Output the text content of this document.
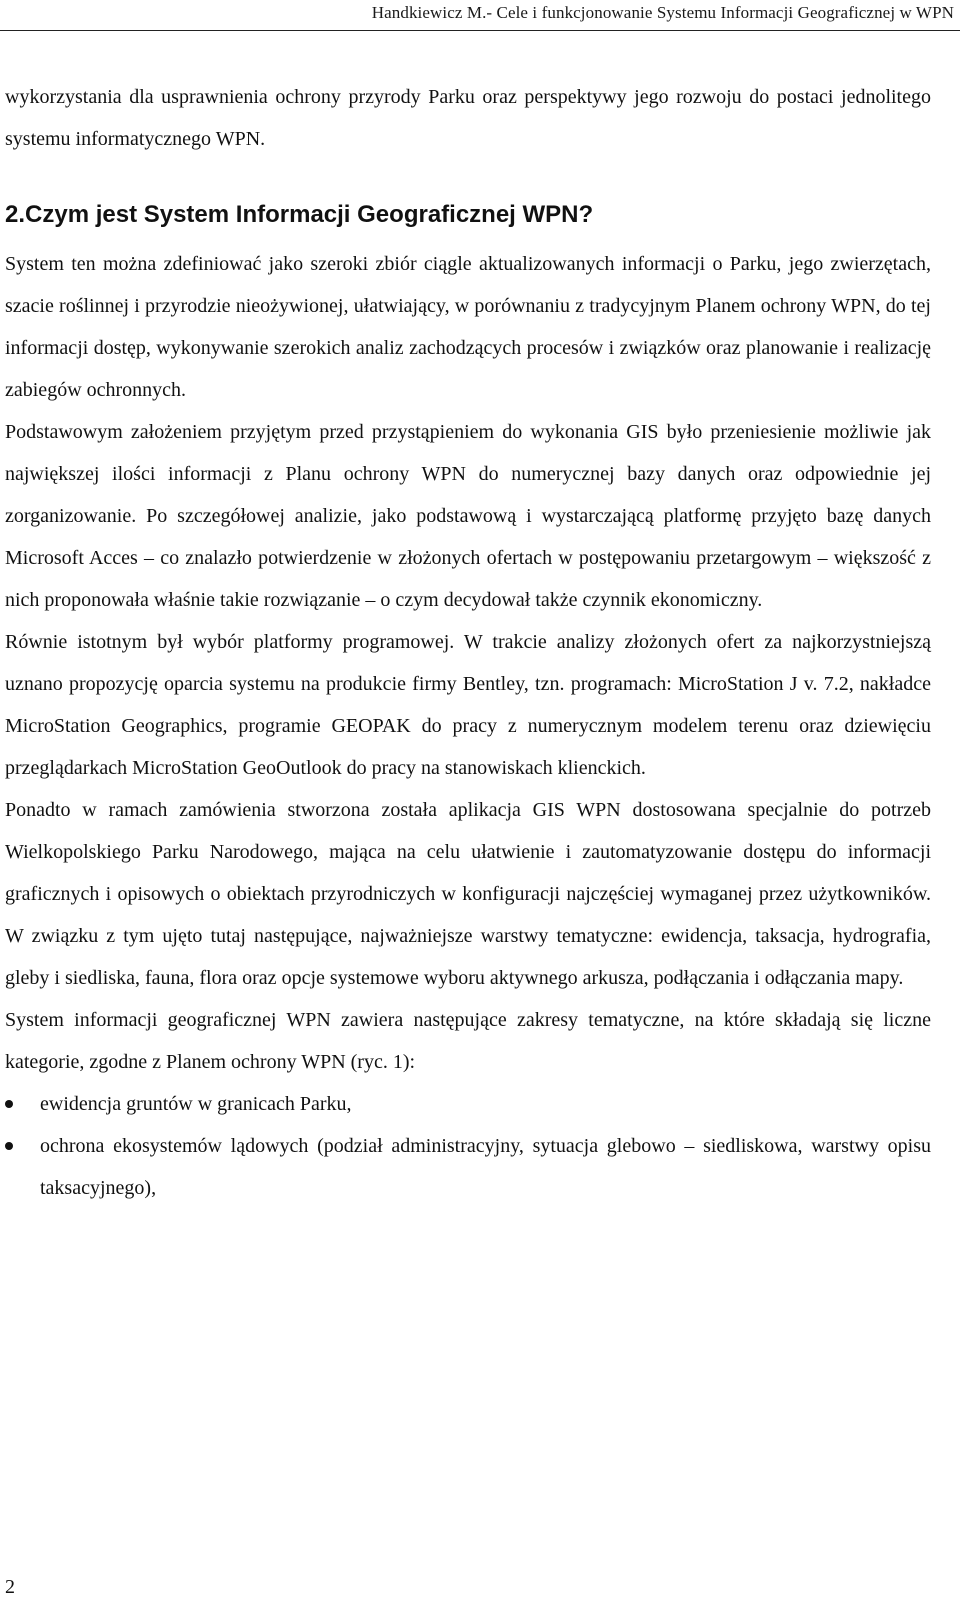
Handkiewicz M.- Cele i funkcjonowanie Systemu Informacji Geograficznej w WPN

wykorzystania dla usprawnienia ochrony przyrody Parku oraz perspektywy jego rozwoju do postaci jednolitego systemu informatycznego WPN.

2.Czym jest System Informacji Geograficznej WPN?

System ten można zdefiniować jako szeroki zbiór ciągle aktualizowanych informacji o Parku, jego zwierzętach, szacie roślinnej i przyrodzie nieożywionej, ułatwiający, w porównaniu z tradycyjnym Planem ochrony WPN, do tej informacji dostęp, wykonywanie szerokich analiz zachodzących procesów i związków oraz planowanie i realizację zabiegów ochronnych.

Podstawowym założeniem przyjętym przed przystąpieniem do wykonania GIS było przeniesienie możliwie jak największej ilości informacji z Planu ochrony WPN do numerycznej bazy danych oraz odpowiednie jej zorganizowanie. Po szczegółowej analizie, jako podstawową i wystarczającą platformę przyjęto bazę danych Microsoft Acces – co znalazło potwierdzenie w złożonych ofertach w postępowaniu przetargowym – większość z nich proponowała właśnie takie rozwiązanie – o czym decydował także czynnik ekonomiczny.

Równie istotnym był wybór platformy programowej. W trakcie analizy złożonych ofert za najkorzystniejszą uznano propozycję oparcia systemu na produkcie firmy Bentley, tzn. programach: MicroStation J v. 7.2, nakładce MicroStation Geographics, programie GEOPAK do pracy z numerycznym modelem terenu oraz dziewięciu przeglądarkach MicroStation GeoOutlook do pracy na stanowiskach klienckich.

Ponadto w ramach zamówienia stworzona została aplikacja GIS WPN dostosowana specjalnie do potrzeb Wielkopolskiego Parku Narodowego, mająca na celu ułatwienie i zautomatyzowanie dostępu do informacji graficznych i opisowych o obiektach przyrodniczych w konfiguracji najczęściej wymaganej przez użytkowników. W związku z tym ujęto tutaj następujące, najważniejsze warstwy tematyczne: ewidencja, taksacja, hydrografia, gleby i siedliska, fauna, flora oraz opcje systemowe wyboru aktywnego arkusza, podłączania i odłączania mapy.

System informacji geograficznej WPN zawiera następujące zakresy tematyczne, na które składają się liczne kategorie, zgodne z Planem ochrony WPN (ryc. 1):

ewidencja gruntów w granicach Parku,
ochrona ekosystemów lądowych (podział administracyjny, sytuacja glebowo – siedliskowa, warstwy opisu taksacyjnego),
2
